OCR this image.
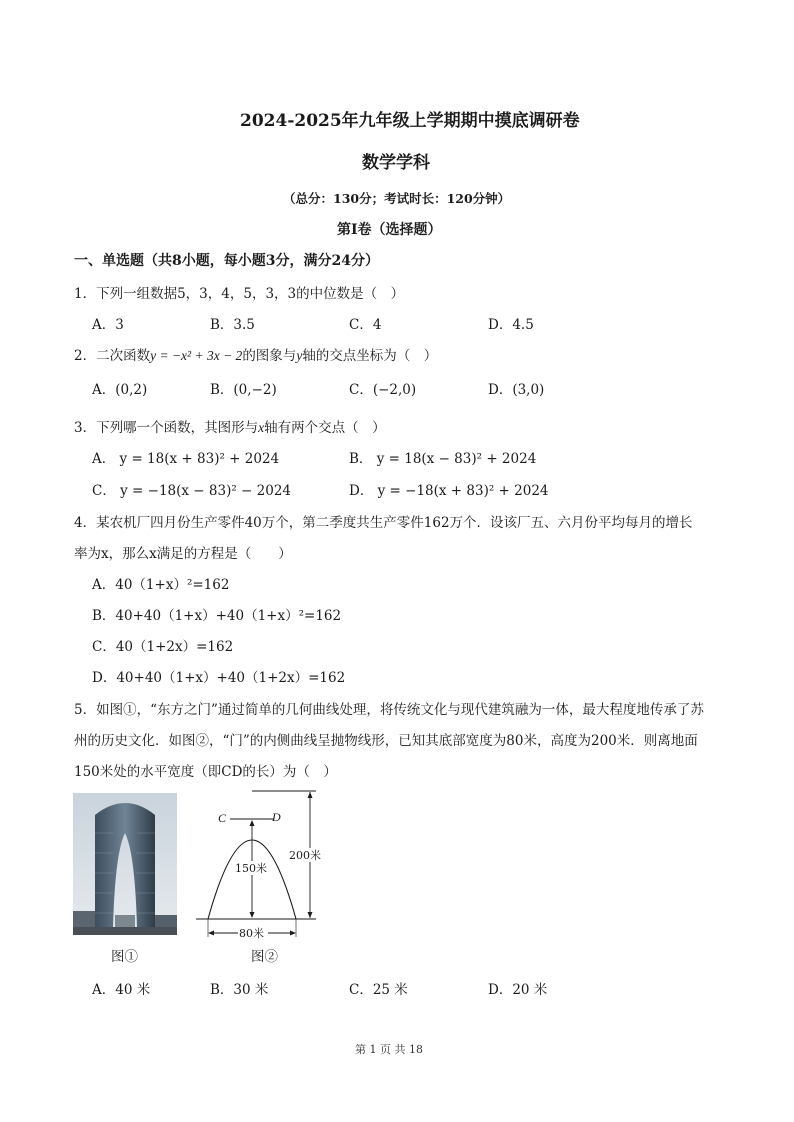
2024-2025年九年级上学期期中摸底调研卷
数学学科
（总分：130分；考试时长：120分钟）
第Ⅰ卷（选择题）
一、单选题（共8小题，每小题3分，满分24分）
1．下列一组数据5，3，4，5，3，3的中位数是（　）
A．3	B．3.5	C．4	D．4.5
2．二次函数y = −x² + 3x − 2的图象与y轴的交点坐标为（　）
A．(0,2)	B．(0,−2)	C．(−2,0)	D．(3,0)
3．下列哪一个函数，其图形与x轴有两个交点（　）
A． y = 18(x + 83)² + 2024	B． y = 18(x − 83)² + 2024
C． y = −18(x − 83)² − 2024	D． y = −18(x + 83)² + 2024
4．某农机厂四月份生产零件40万个，第二季度共生产零件162万个．设该厂五、六月份平均每月的增长
率为x，那么x满足的方程是（　　）
A．40（1+x）²=162
B．40+40（1+x）+40（1+x）²=162
C．40（1+2x）=162
D．40+40（1+x）+40（1+2x）=162
5．如图①，“东方之门”通过简单的几何曲线处理，将传统文化与现代建筑融为一体，最大程度地传承了苏
州的历史文化．如图②，“门”的内侧曲线呈抛物线形，已知其底部宽度为80米，高度为200米．则离地面
150米处的水平宽度（即CD的长）为（　）
图①
C	D
150米
200米
80米
图②
A．40 米	B．30 米	C．25 米	D．20 米
第 1 页 共 18
